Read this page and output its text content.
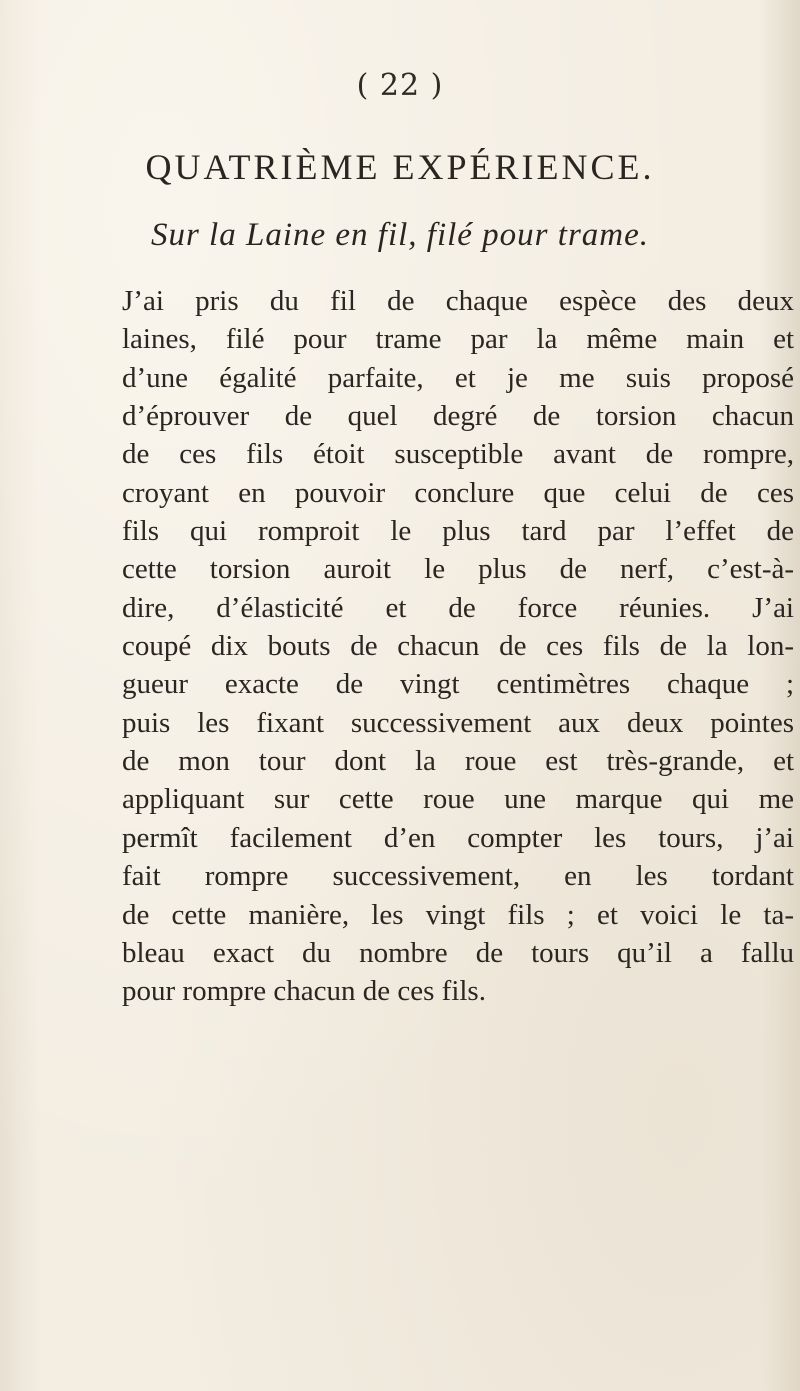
( 22 )
QUATRIÈME EXPÉRIENCE.
Sur la Laine en fil, filé pour trame.
J’ai pris du fil de chaque espèce des deux
laines, filé pour trame par la même main et
d’une égalité parfaite, et je me suis proposé
d’éprouver de quel degré de torsion chacun
de ces fils étoit susceptible avant de rompre,
croyant en pouvoir conclure que celui de ces
fils qui romproit le plus tard par l’effet de
cette torsion auroit le plus de nerf, c’est-à-
dire, d’élasticité et de force réunies. J’ai
coupé dix bouts de chacun de ces fils de la lon-
gueur exacte de vingt centimètres chaque ;
puis les fixant successivement aux deux pointes
de mon tour dont la roue est très-grande, et
appliquant sur cette roue une marque qui me
permît facilement d’en compter les tours, j’ai
fait rompre successivement, en les tordant
de cette manière, les vingt fils ; et voici le ta-
bleau exact du nombre de tours qu’il a fallu
pour rompre chacun de ces fils.
